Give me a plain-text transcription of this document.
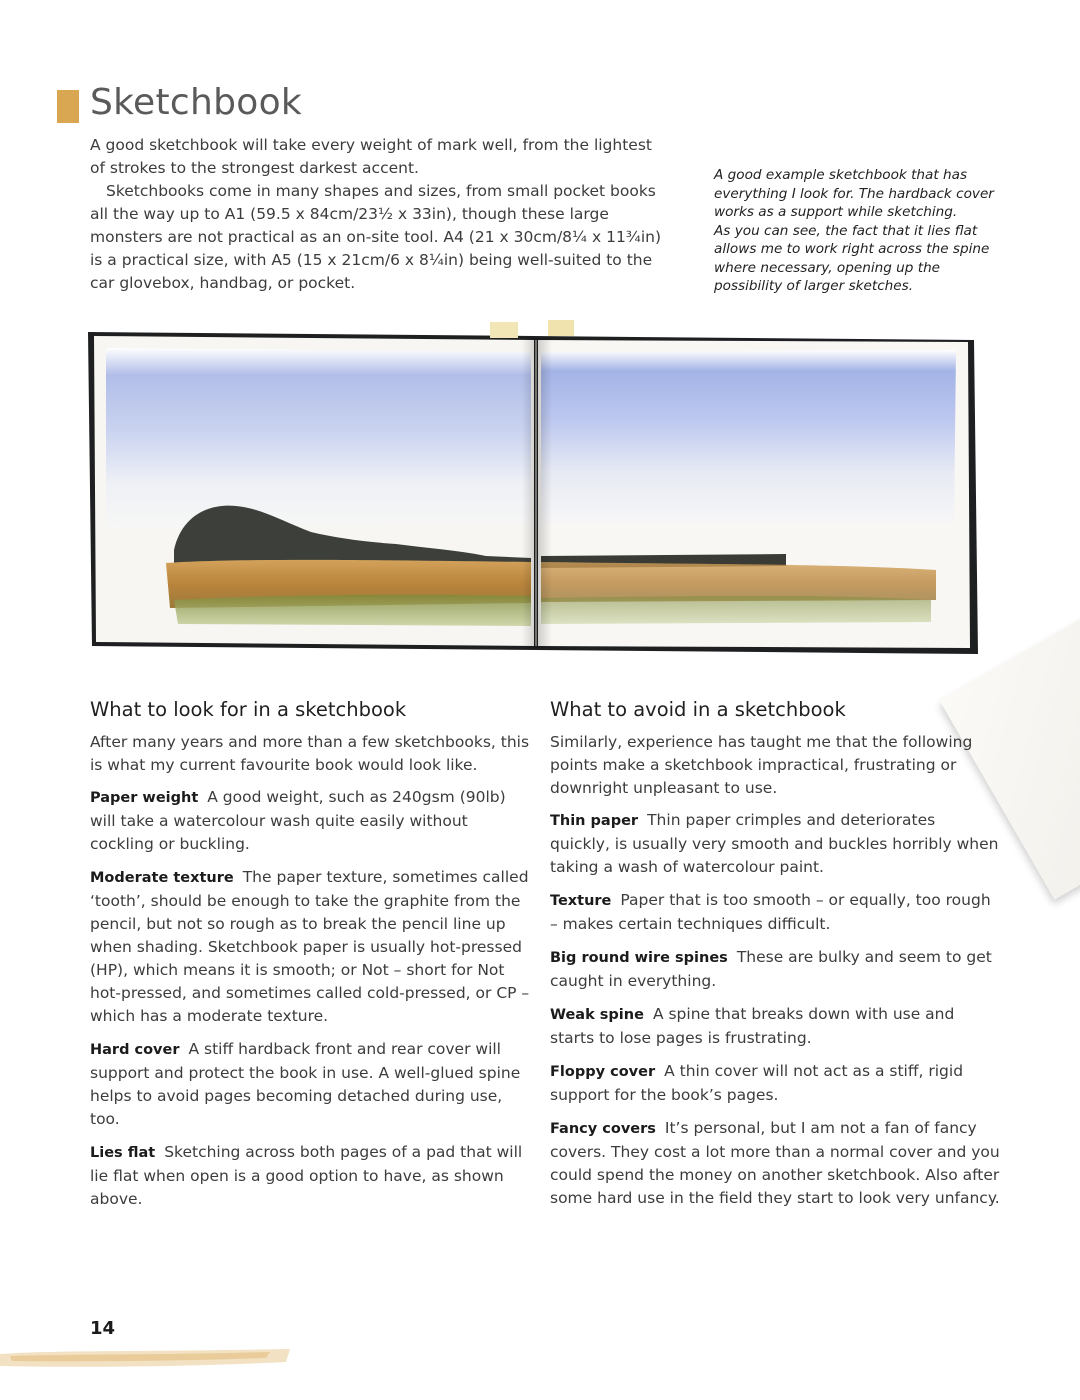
Sketchbook

A good sketchbook will take every weight of mark well, from the lightest of strokes to the strongest darkest accent.

Sketchbooks come in many shapes and sizes, from small pocket books all the way up to A1 (59.5 x 84cm/23½ x 33in), though these large monsters are not practical as an on-site tool. A4 (21 x 30cm/8¼ x 11¾in) is a practical size, with A5 (15 x 21cm/6 x 8¼in) being well-suited to the car glovebox, handbag, or pocket.

A good example sketchbook that has everything I look for. The hardback cover works as a support while sketching.

As you can see, the fact that it lies flat allows me to work right across the spine where necessary, opening up the possibility of larger sketches.

What to look for in a sketchbook

After many years and more than a few sketchbooks, this is what my current favourite book would look like.

Paper weight A good weight, such as 240gsm (90lb) will take a watercolour wash quite easily without cockling or buckling.

Moderate texture The paper texture, sometimes called ‘tooth’, should be enough to take the graphite from the pencil, but not so rough as to break the pencil line up when shading. Sketchbook paper is usually hot-pressed (HP), which means it is smooth; or Not – short for Not hot-pressed, and sometimes called cold-pressed, or CP – which has a moderate texture.

Hard cover A stiff hardback front and rear cover will support and protect the book in use. A well-glued spine helps to avoid pages becoming detached during use, too.

Lies flat Sketching across both pages of a pad that will lie flat when open is a good option to have, as shown above.

What to avoid in a sketchbook

Similarly, experience has taught me that the following points make a sketchbook impractical, frustrating or downright unpleasant to use.

Thin paper Thin paper crimples and deteriorates quickly, is usually very smooth and buckles horribly when taking a wash of watercolour paint.

Texture Paper that is too smooth – or equally, too rough – makes certain techniques difficult.

Big round wire spines These are bulky and seem to get caught in everything.

Weak spine A spine that breaks down with use and starts to lose pages is frustrating.

Floppy cover A thin cover will not act as a stiff, rigid support for the book’s pages.

Fancy covers It’s personal, but I am not a fan of fancy covers. They cost a lot more than a normal cover and you could spend the money on another sketchbook. Also after some hard use in the field they start to look very unfancy.

14
